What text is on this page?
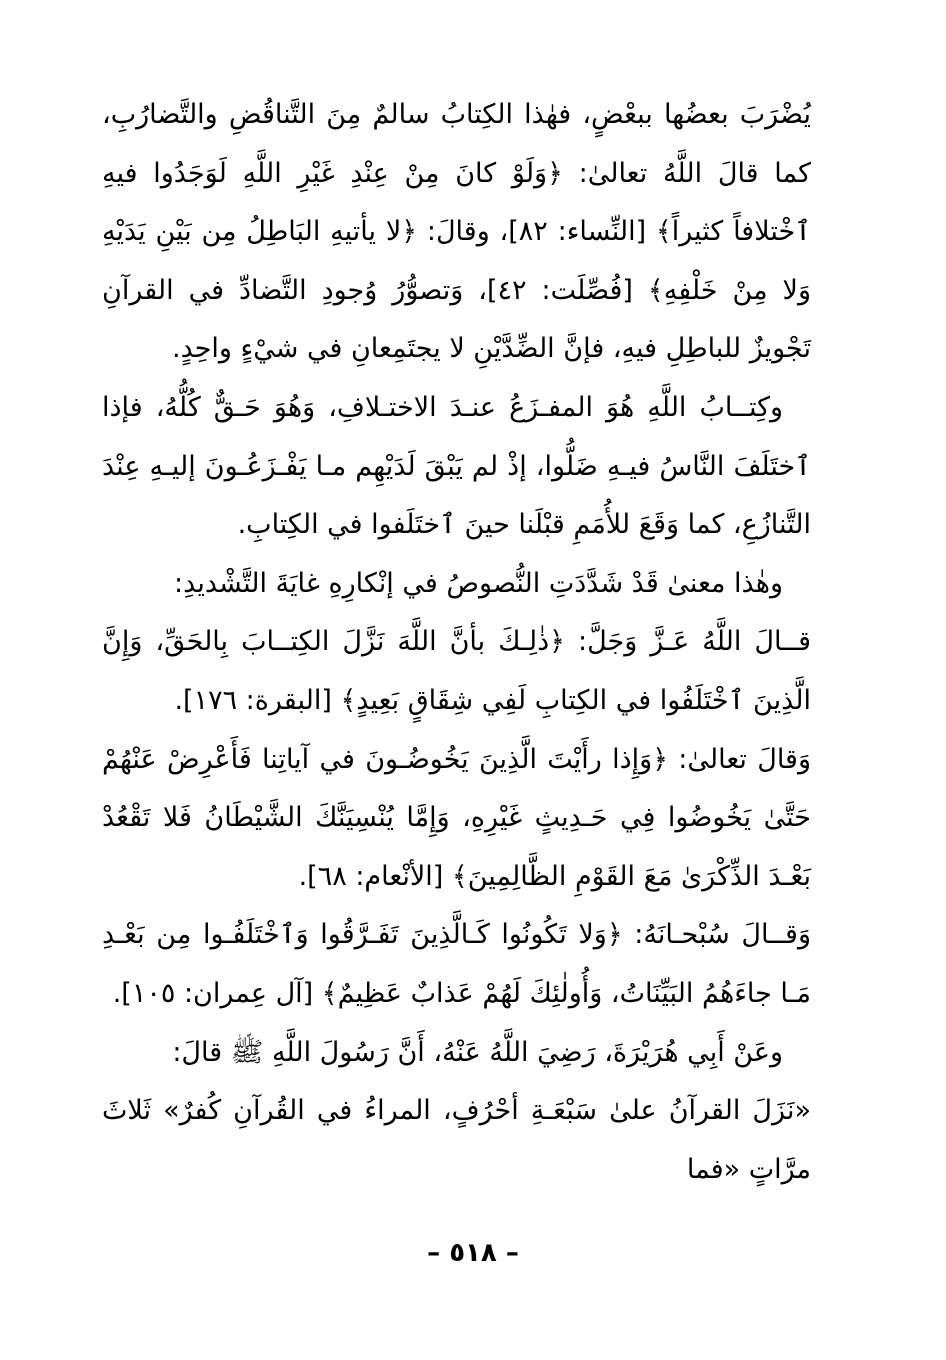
يُضْرَبَ بعضُها ببعْضٍ، فهٰذا الكِتابُ سالمٌ مِنَ التَّناقُضِ والتَّضارُبِ، كما قالَ اللَّهُ تعالىٰ: ﴿وَلَوْ كانَ مِنْ عِنْدِ غَيْرِ اللَّهِ لَوَجَدُوا فيهِ ٱخْتلافاً كثيراً﴾ [النِّساء: ٨٢]، وقالَ: ﴿لا يأتيهِ البَاطِلُ مِن بَيْنِ يَدَيْهِ وَلا مِنْ خَلْفِهِ﴾ [فُصِّلَت: ٤٢]، وَتصوُّرُ وُجودِ التَّضادِّ في القرآنِ تَجْويزٌ للباطِلِ فيهِ، فإنَّ الضِّدَّيْنِ لا يجتَمِعانِ في شيْءٍ واحِدٍ.

وكِتــابُ اللَّهِ هُوَ المفـزَعُ عنـدَ الاختـلافِ، وَهُوَ حَـقٌّ كُلُّهُ، فإذا ٱختَلَفَ النَّاسُ فيـهِ ضَلُّوا، إذْ لم يَبْقَ لَدَيْهِم مـا يَفْـزَعُـونَ إليـهِ عِنْدَ التَّنازُعِ، كما وَقَعَ للأُمَمِ قبْلَنا حينَ ٱختَلَفوا في الكِتابِ.

وهٰذا معنىٰ قَدْ شَدَّدَتِ النُّصوصُ في إنْكارِهِ غايَةَ التَّشْديدِ:

قــالَ اللَّهُ عَـزَّ وَجَلَّ: ﴿ذٰلِـكَ بأنَّ اللَّهَ نَزَّلَ الكِتــابَ بِالحَقِّ، وَإِنَّ الَّذِينَ ٱخْتَلَفُوا في الكِتابِ لَفِي شِقَاقٍ بَعِيدٍ﴾ [البقرة: ١٧٦].

وَقالَ تعالىٰ: ﴿وَإِذا رأَيْتَ الَّذِينَ يَخُوضُـونَ في آياتِنا فَأَعْرِضْ عَنْهُمْ حَتَّىٰ يَخُوضُوا فِي حَـدِيثٍ غَيْرِهِ، وَإِمَّا يُنْسِيَنَّكَ الشَّيْطَانُ فَلا تَقْعُدْ بَعْـدَ الذِّكْرَىٰ مَعَ القَوْمِ الظَّالِمِينَ﴾ [الأنْعام: ٦٨].

وَقــالَ سُبْحـانَهُ: ﴿وَلا تَكُونُوا كَـالَّذِينَ تَفَـرَّقُوا وَٱخْتَلَفُـوا مِن بَعْـدِ مَـا جاءَهُمُ البَيِّنَاتُ، وَأُولٰئِكَ لَهُمْ عَذابٌ عَظِيمٌ﴾ [آل عِمران: ١٠٥].

وعَنْ أَبِي هُرَيْرَةَ، رَضِيَ اللَّهُ عَنْهُ، أَنَّ رَسُولَ اللَّهِ ﷺ قالَ:

«نَزَلَ القرآنُ علىٰ سَبْعَـةِ أحْرُفٍ، المراءُ في القُرآنِ كُفرٌ» ثَلاثَ مرَّاتٍ «فما

– ٥١٨ –
